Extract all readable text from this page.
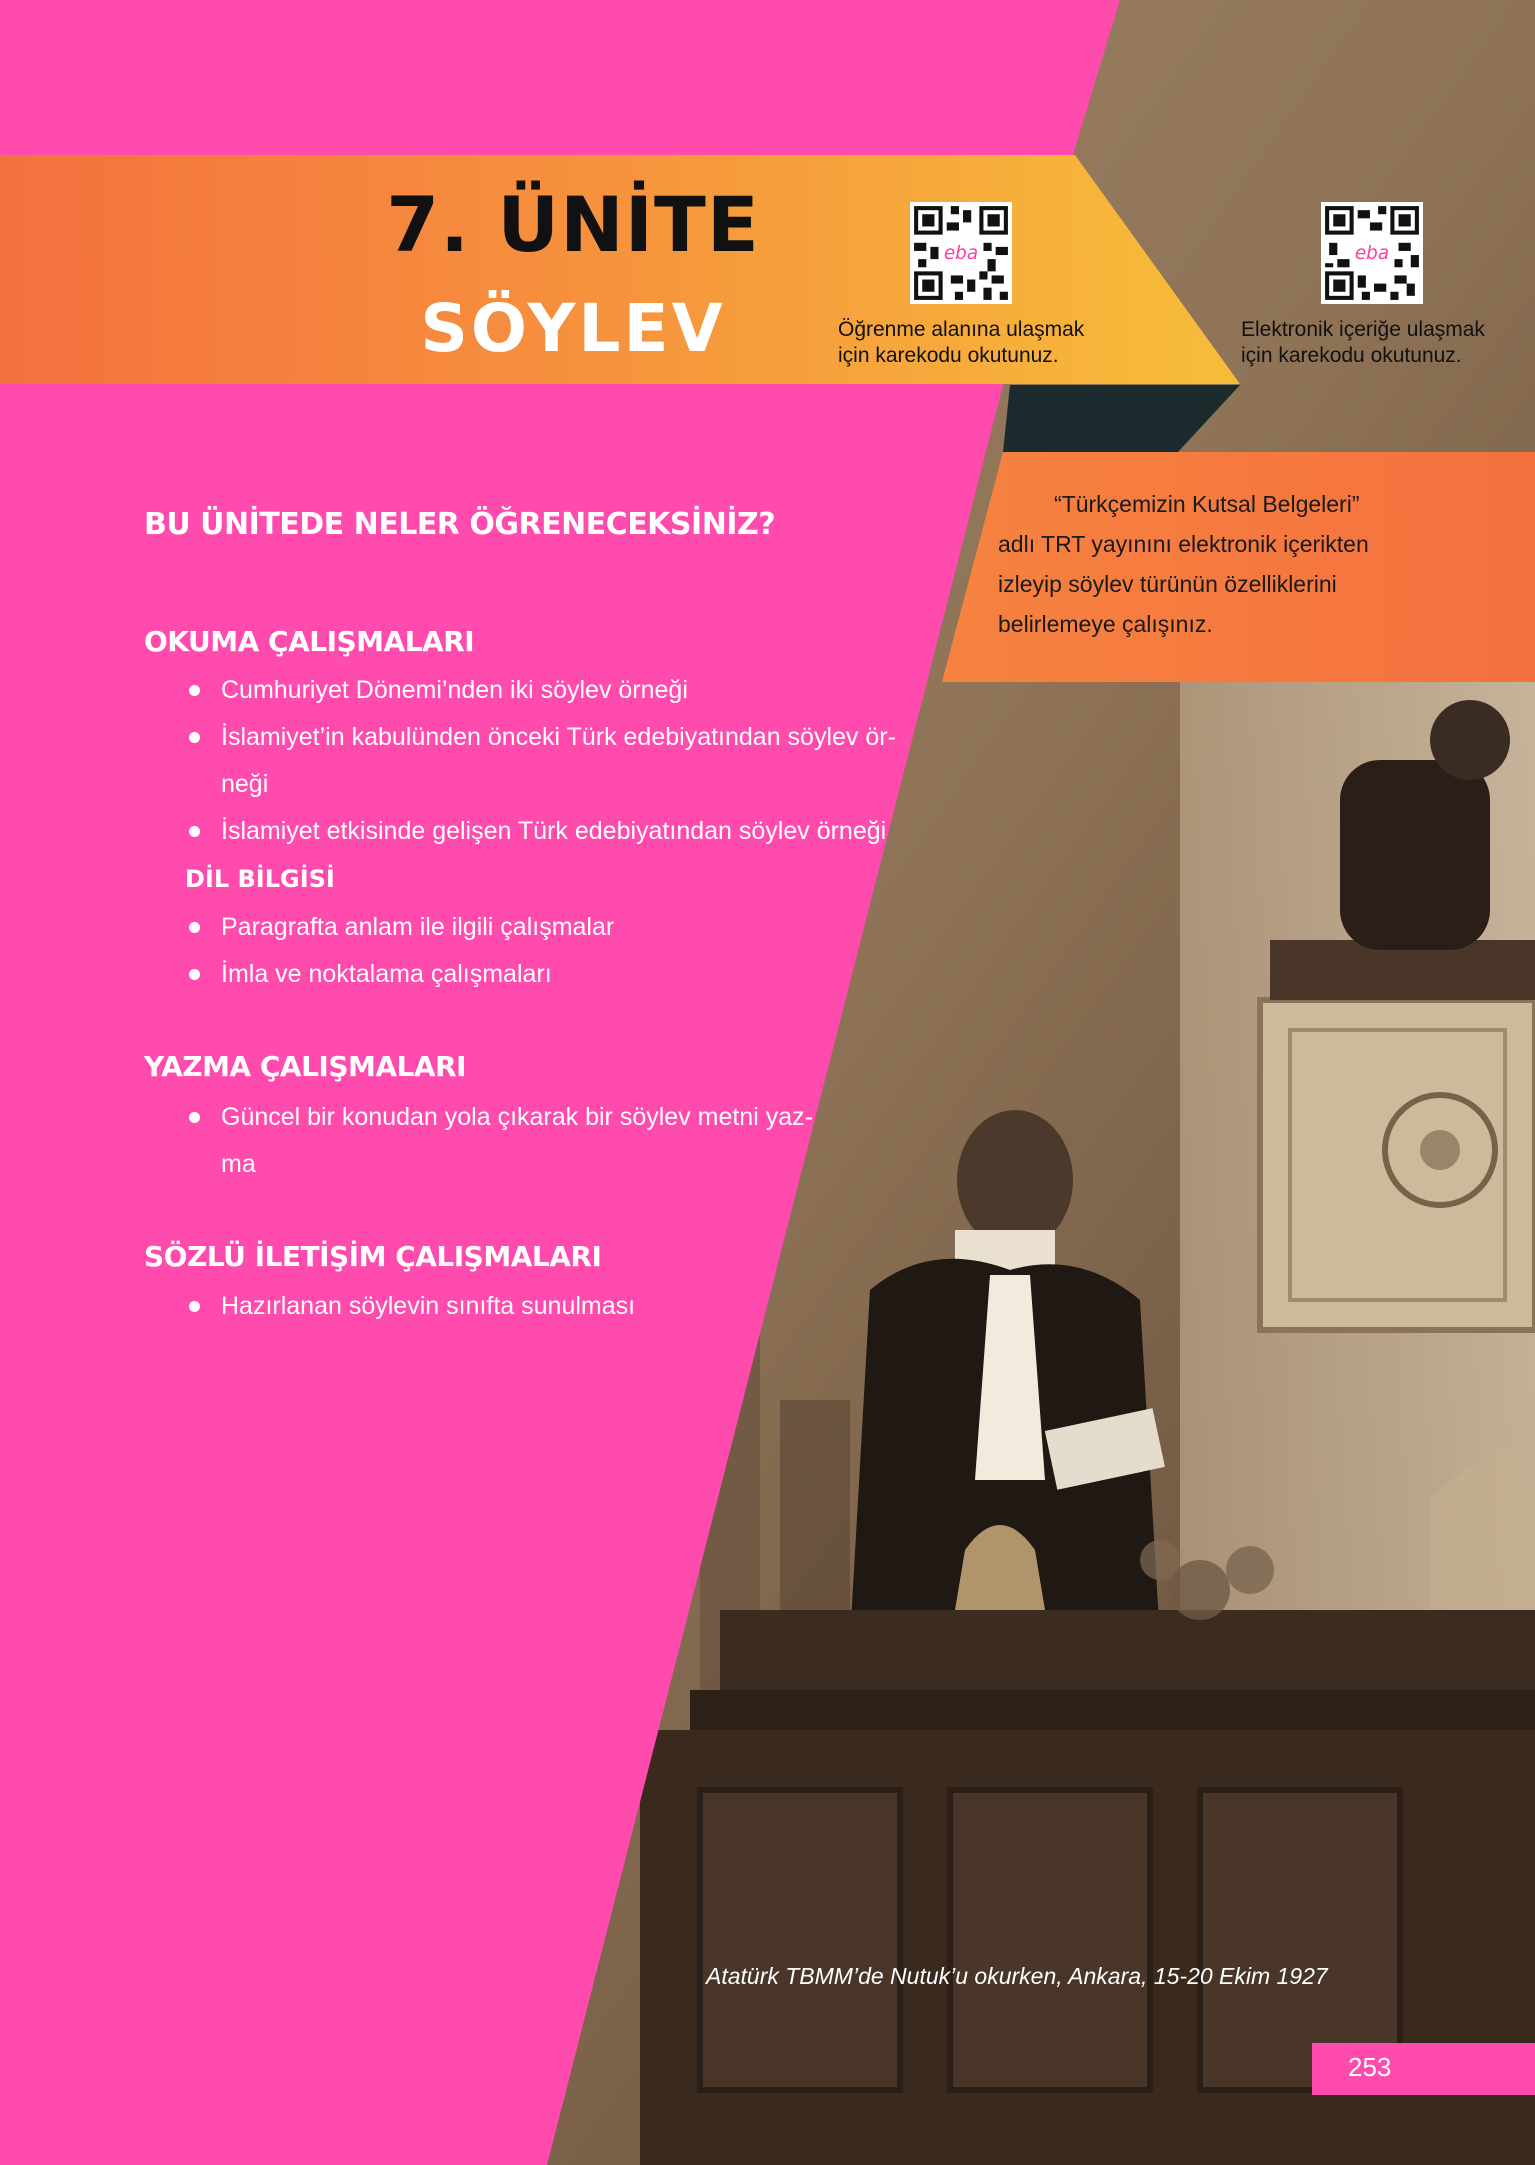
7. ÜNİTE
SÖYLEV
eba
Öğrenme alanına ulaşmak
için karekodu okutunuz.
eba
Elektronik içeriğe ulaşmak
için karekodu okutunuz.
“Türkçemizin Kutsal Belgeleri”
adlı TRT yayınını elektronik içerikten
izleyip söylev türünün özelliklerini
belirlemeye çalışınız.
BU ÜNİTEDE NELER ÖĞRENECEKSİNİZ?
OKUMA ÇALIŞMALARI
Cumhuriyet Dönemi’nden iki söylev örneği
İslamiyet’in kabulünden önceki Türk edebiyatından söylev ör-
neği
İslamiyet etkisinde gelişen Türk edebiyatından söylev örneği
DİL BİLGİSİ
Paragrafta anlam ile ilgili çalışmalar
İmla ve noktalama çalışmaları
YAZMA ÇALIŞMALARI
Güncel bir konudan yola çıkarak bir söylev metni yaz-
ma
SÖZLÜ İLETİŞİM ÇALIŞMALARI
Hazırlanan söylevin sınıfta sunulması
Atatürk TBMM’de Nutuk’u okurken, Ankara, 15-20 Ekim 1927
253
